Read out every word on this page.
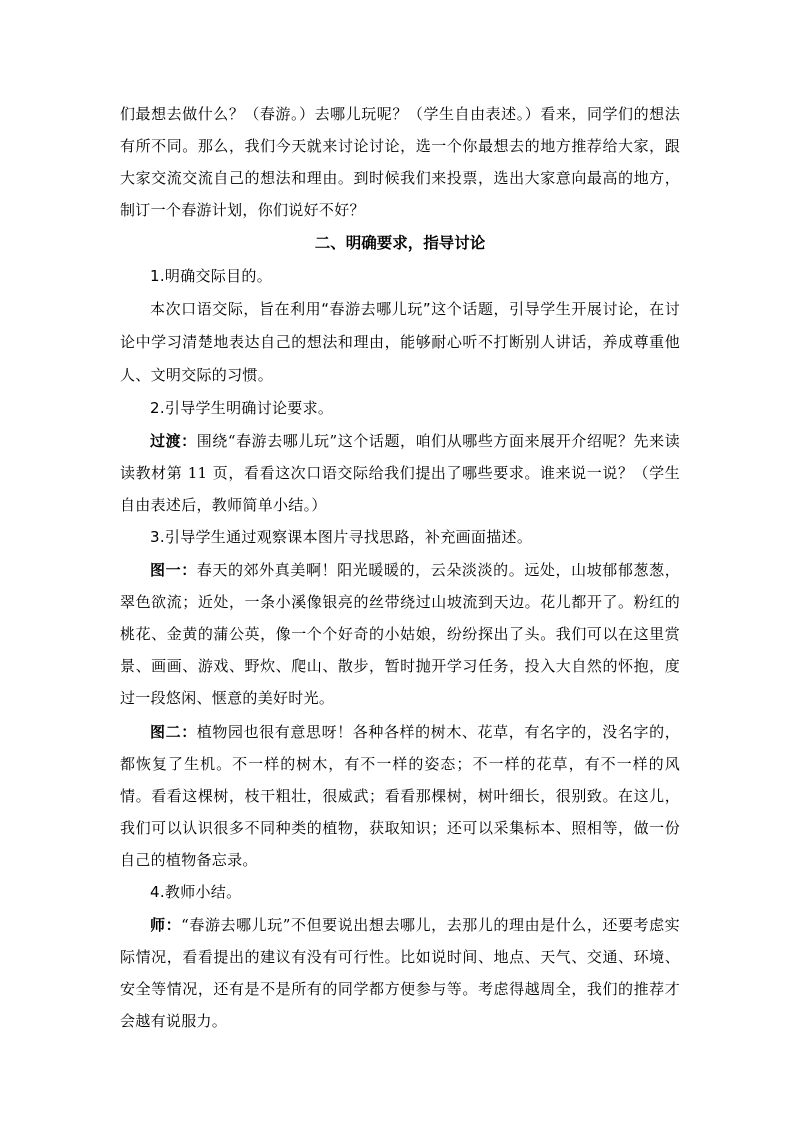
们最想去做什么？（春游。）去哪儿玩呢？（学生自由表述。）看来，同学们的想法有所不同。那么，我们今天就来讨论讨论，选一个你最想去的地方推荐给大家，跟大家交流交流自己的想法和理由。到时候我们来投票，选出大家意向最高的地方，制订一个春游计划，你们说好不好？

二、明确要求，指导讨论

1.明确交际目的。

本次口语交际，旨在利用“春游去哪儿玩”这个话题，引导学生开展讨论，在讨论中学习清楚地表达自己的想法和理由，能够耐心听不打断别人讲话，养成尊重他人、文明交际的习惯。

2.引导学生明确讨论要求。

过渡：围绕“春游去哪儿玩”这个话题，咱们从哪些方面来展开介绍呢？先来读读教材第 11 页，看看这次口语交际给我们提出了哪些要求。谁来说一说？（学生自由表述后，教师简单小结。）

3.引导学生通过观察课本图片寻找思路，补充画面描述。

图一：春天的郊外真美啊！阳光暖暖的，云朵淡淡的。远处，山坡郁郁葱葱，翠色欲流；近处，一条小溪像银亮的丝带绕过山坡流到天边。花儿都开了。粉红的桃花、金黄的蒲公英，像一个个好奇的小姑娘，纷纷探出了头。我们可以在这里赏景、画画、游戏、野炊、爬山、散步，暂时抛开学习任务，投入大自然的怀抱，度过一段悠闲、惬意的美好时光。

图二：植物园也很有意思呀！各种各样的树木、花草，有名字的，没名字的，都恢复了生机。不一样的树木，有不一样的姿态；不一样的花草，有不一样的风情。看看这棵树，枝干粗壮，很威武；看看那棵树，树叶细长，很别致。在这儿，我们可以认识很多不同种类的植物，获取知识；还可以采集标本、照相等，做一份自己的植物备忘录。

4.教师小结。

师：“春游去哪儿玩”不但要说出想去哪儿，去那儿的理由是什么，还要考虑实际情况，看看提出的建议有没有可行性。比如说时间、地点、天气、交通、环境、安全等情况，还有是不是所有的同学都方便参与等。考虑得越周全，我们的推荐才会越有说服力。
